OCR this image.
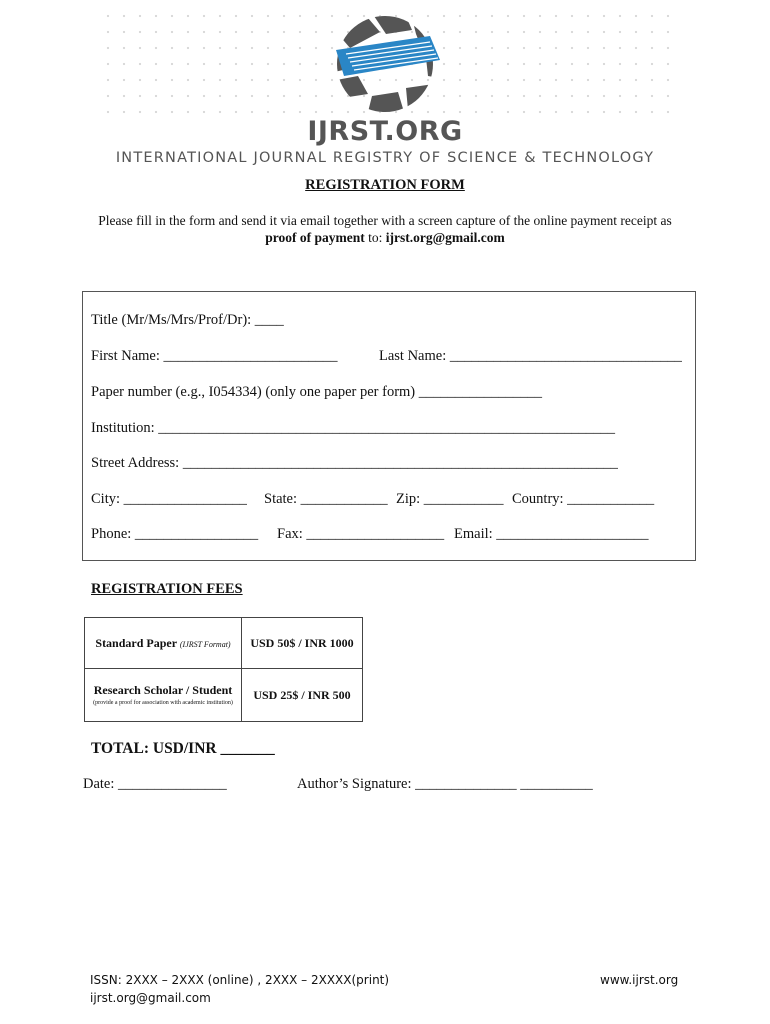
IJRST.ORG
INTERNATIONAL JOURNAL REGISTRY OF SCIENCE & TECHNOLOGY
REGISTRATION FORM
Please fill in the form and send it via email together with a screen capture of the online payment receipt as
proof of payment to: ijrst.org@gmail.com
Title (Mr/Ms/Mrs/Prof/Dr): ____
First Name: ________________________	Last Name: ________________________________
Paper number (e.g., I054334) (only one paper per form) _________________
Institution: _______________________________________________________________
Street Address: ____________________________________________________________
City: _________________ State: ____________ Zip: ___________ Country: ____________
Phone: _________________ Fax: ___________________ Email: _____________________
REGISTRATION FEES
Standard Paper (IJRST Format)	USD 50$ / INR 1000
Research Scholar / Student
(provide a proof for association with academic institution)	USD 25$ / INR 500
TOTAL: USD/INR _______
Date: _______________	Author’s Signature: ______________ __________
ISSN: 2XXX – 2XXX (online) , 2XXX – 2XXXX(print)
ijrst.org@gmail.com
www.ijrst.org
